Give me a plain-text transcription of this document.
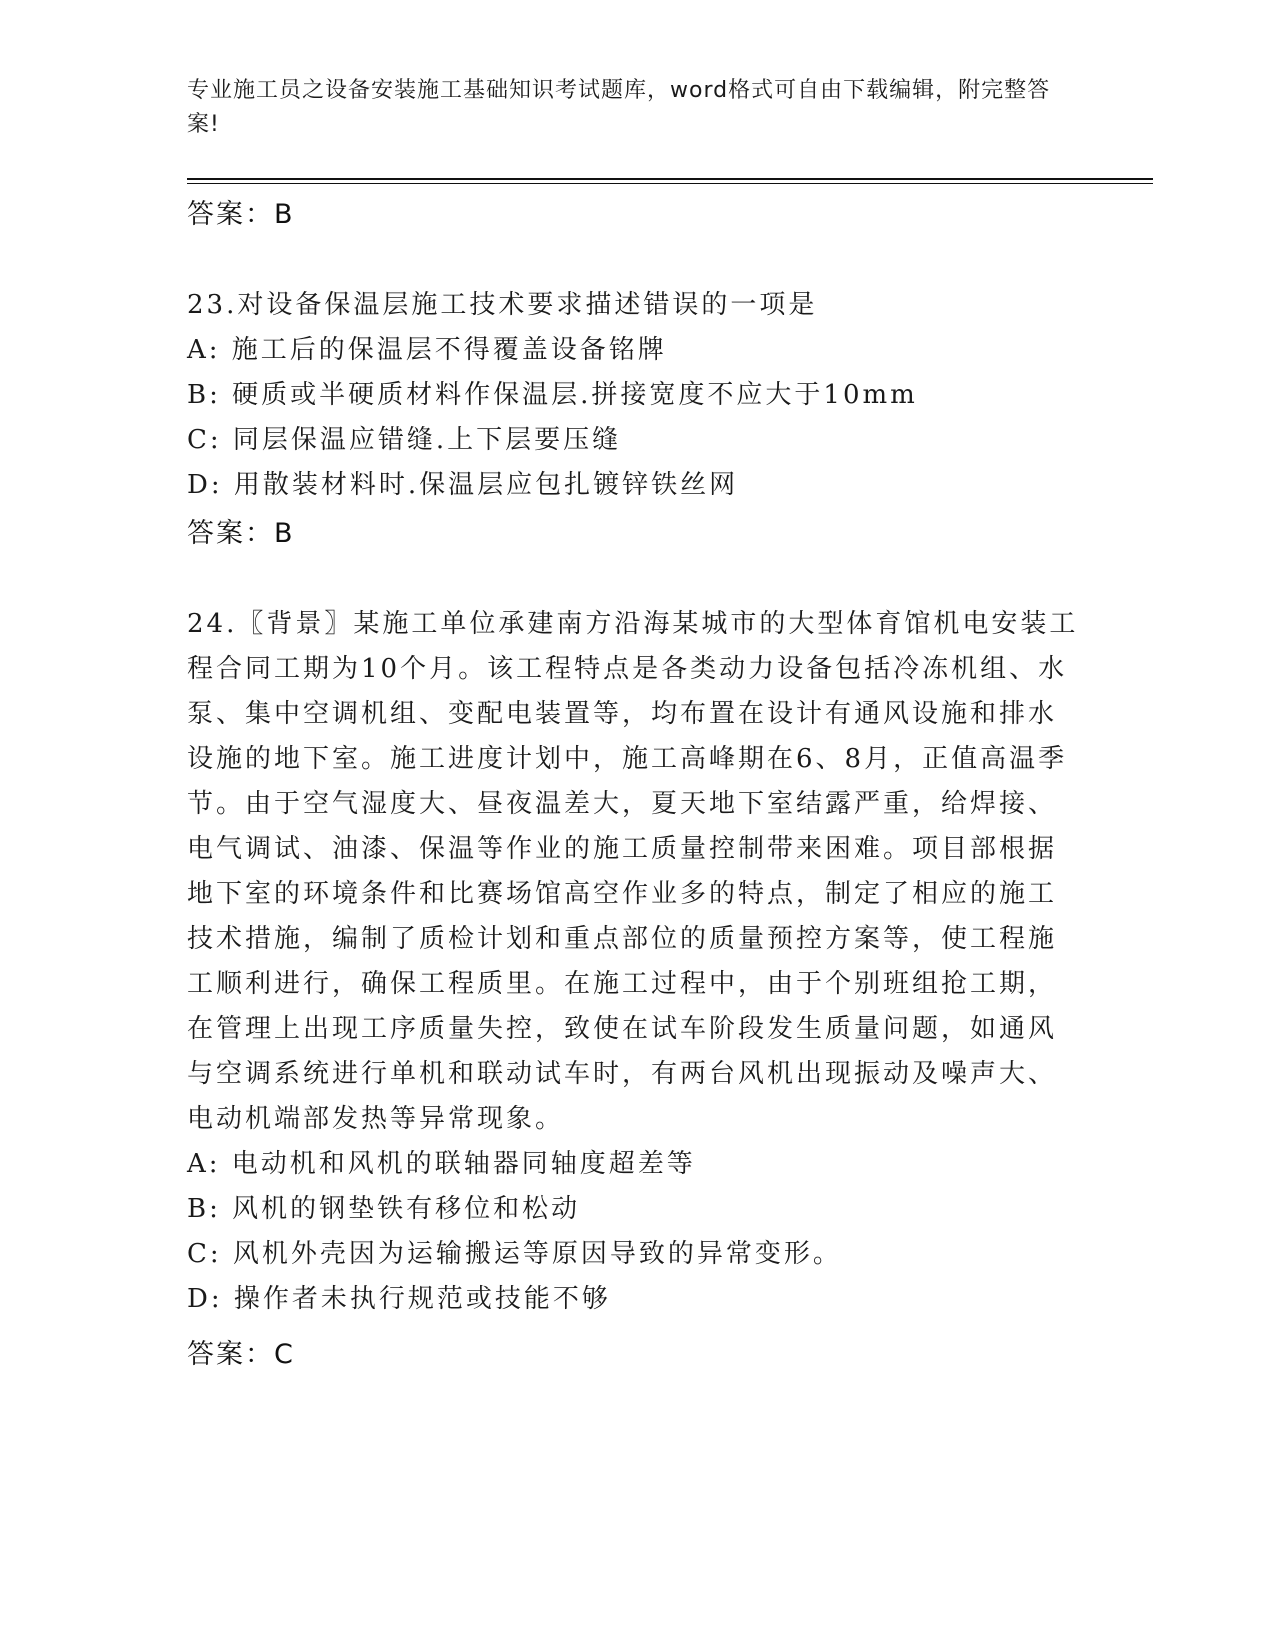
专业施工员之设备安装施工基础知识考试题库，word格式可自由下载编辑，附完整答案!
答案：B
23.对设备保温层施工技术要求描述错误的一项是
A: 施工后的保温层不得覆盖设备铭牌
B: 硬质或半硬质材料作保温层.拼接宽度不应大于10mm
C: 同层保温应错缝.上下层要压缝
D: 用散装材料时.保温层应包扎镀锌铁丝网
答案：B
24.〖背景〗某施工单位承建南方沿海某城市的大型体育馆机电安装工
程合同工期为10个月。该工程特点是各类动力设备包括冷冻机组、水
泵、集中空调机组、变配电装置等，均布置在设计有通风设施和排水
设施的地下室。施工进度计划中，施工高峰期在6、8月，正值高温季
节。由于空气湿度大、昼夜温差大，夏天地下室结露严重，给焊接、
电气调试、油漆、保温等作业的施工质量控制带来困难。项目部根据
地下室的环境条件和比赛场馆高空作业多的特点，制定了相应的施工
技术措施，编制了质检计划和重点部位的质量预控方案等，使工程施
工顺利进行，确保工程质里。在施工过程中，由于个别班组抢工期，
在管理上出现工序质量失控，致使在试车阶段发生质量问题，如通风
与空调系统进行单机和联动试车时，有两台风机出现振动及噪声大、
电动机端部发热等异常现象。
A: 电动机和风机的联轴器同轴度超差等
B: 风机的钢垫铁有移位和松动
C: 风机外壳因为运输搬运等原因导致的异常变形。
D: 操作者未执行规范或技能不够
答案：C
